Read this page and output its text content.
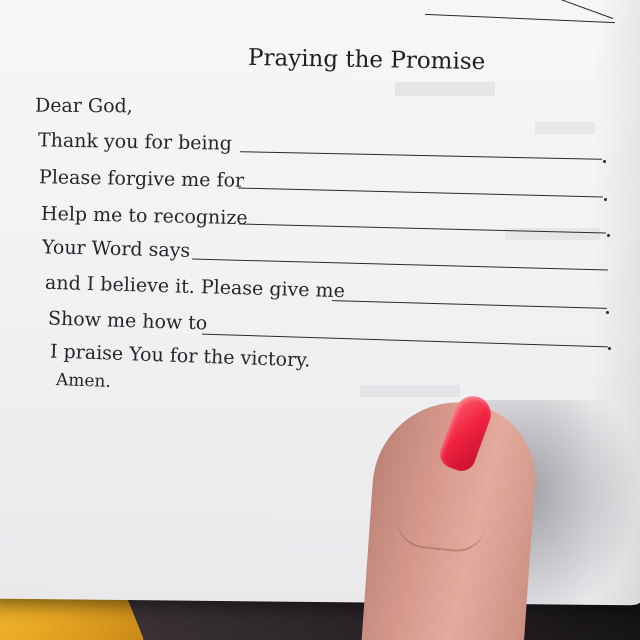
Praying the Promise
Dear God,
Thank you for being
Please forgive me for
Help me to recognize
Your Word says
and I believe it. Please give me
Show me how to
I praise You for the victory.
Amen.
